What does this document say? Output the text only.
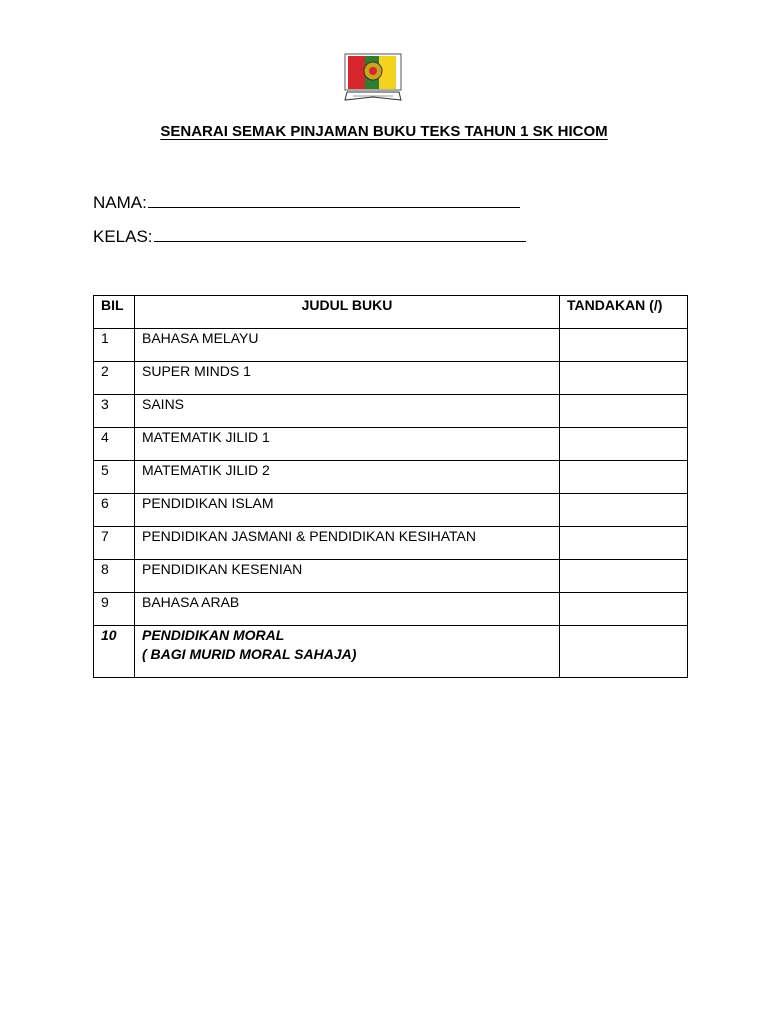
SENARAI SEMAK PINJAMAN BUKU TEKS TAHUN 1 SK HICOM
NAMA:
KELAS:
BIL	JUDUL BUKU	TANDAKAN (/)
1	BAHASA MELAYU	
2	SUPER MINDS 1	
3	SAINS	
4	MATEMATIK JILID 1	
5	MATEMATIK JILID 2	
6	PENDIDIKAN ISLAM	
7	PENDIDIKAN JASMANI & PENDIDIKAN KESIHATAN	
8	PENDIDIKAN KESENIAN	
9	BAHASA ARAB	
10	PENDIDIKAN MORAL
( BAGI MURID MORAL SAHAJA)	
